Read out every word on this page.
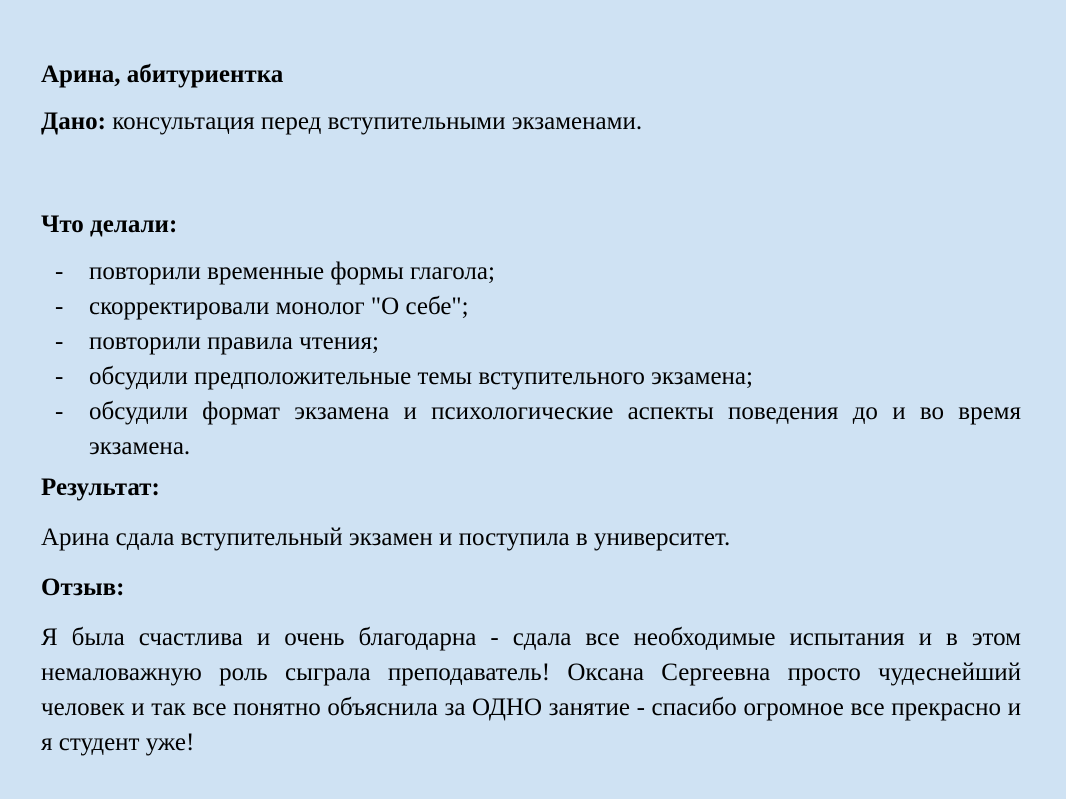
Арина, абитуриентка

Дано: консультация перед вступительными экзаменами.

Что делали:

- повторили временные формы глагола;
- скорректировали монолог "О себе";
- повторили правила чтения;
- обсудили предположительные темы вступительного экзамена;
- обсудили формат экзамена и психологические аспекты поведения до и во время экзамена.

Результат:

Арина сдала вступительный экзамен и поступила в университет.

Отзыв:

Я была счастлива и очень благодарна - сдала все необходимые испытания и в этом немаловажную роль сыграла преподаватель! Оксана Сергеевна просто чудеснейший человек и так все понятно объяснила за ОДНО занятие - спасибо огромное все прекрасно и я студент уже!
